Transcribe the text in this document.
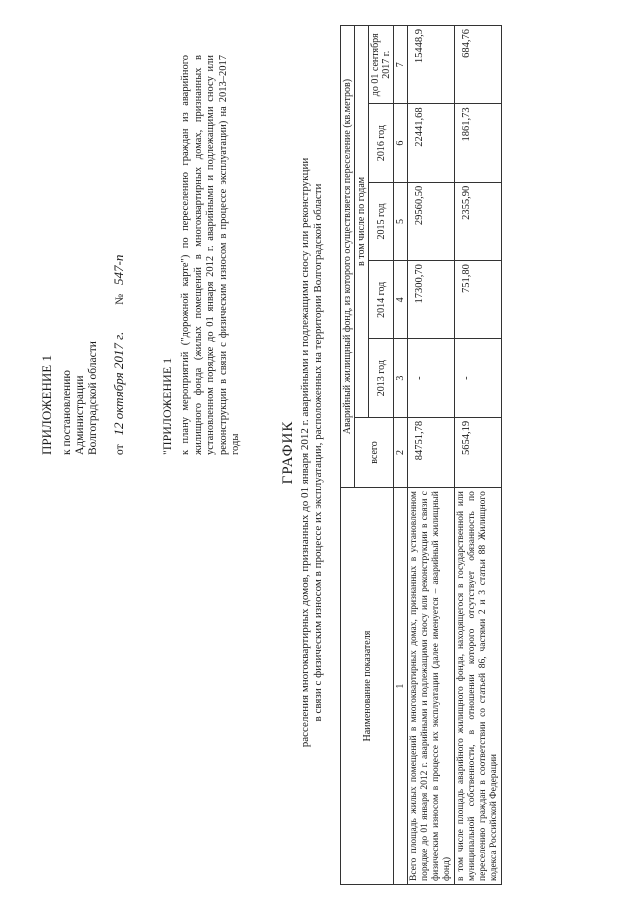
ПРИЛОЖЕНИЕ 1 к постановлению Администрации Волгоградской области от 12 октября 2017 г. № 547-п
"ПРИЛОЖЕНИЕ 1 к плану мероприятий ("дорожной карте") по переселению граждан из аварийного жилищного фонда (жилых помещений в многоквартирных домах, признанных в установленном порядке до 01 января 2012 г. аварийными и подлежащими сносу или реконструкции в связи с физическим износом в процессе эксплуатации) на 2013–2017 годы	ГРАФИК расселения многоквартирных домов, признанных до 01 января 2012 г. аварийными и подлежащими сносу или реконструкции в связи с физическим износом в процессе их эксплуатации, расположенных на территории Волгоградской области	Наименование показателя	Аварийный жилищный фонд, из которого осуществляется переселение (кв.метров)					
	всего	в том числе по годам				
		2013 год	2014 год	2015 год	2016 год	до 01 сентября 2017 г.
1	2	3	4	5	6	7
Всего площадь жилых помещений в многоквартирных домах, признанных в установленном порядке до 01 января 2012 г. аварийными и подлежащими сносу или реконструкции в связи с физическим износом в процессе их эксплуатации (далее именуется – аварийный жилищный фонд)	84751,78	-	17300,70	29560,50	22441,68	15448,9
в том числе площадь аварийного жилищного фонда, находящегося в государственной или муниципальной собственности, в отношении которого отсутствует обязанность по переселению граждан в соответствии со статьей 86, частями 2 и 3 статьи 88 Жилищного кодекса Российской Федерации	5654,19	-	751,80	2355,90	1861,73	684,76
